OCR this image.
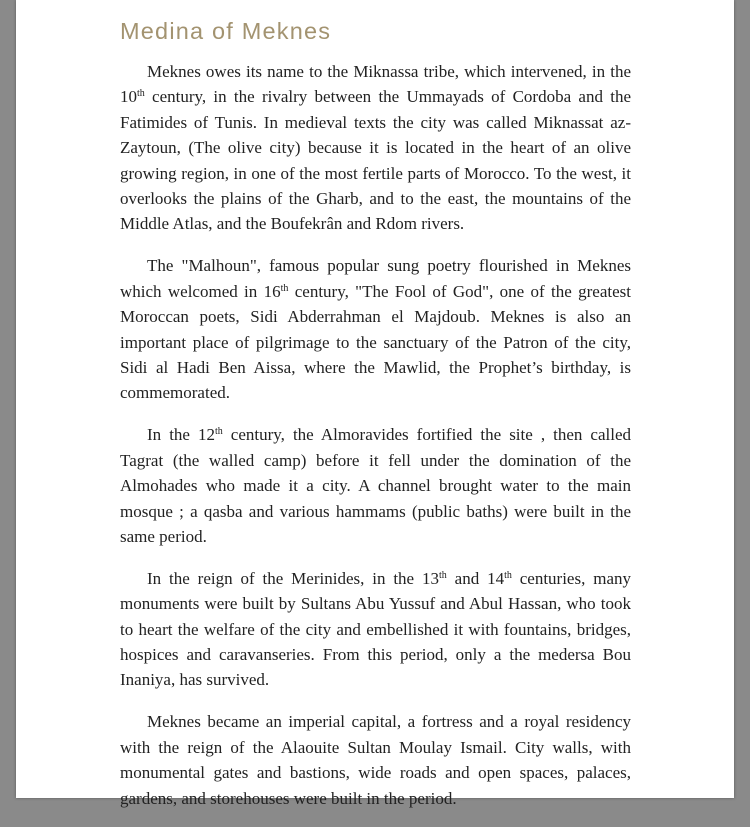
Medina of Meknes

Meknes owes its name to the Miknassa tribe, which intervened, in the 10th century, in the rivalry between the Ummayads of Cordoba and the Fatimides of Tunis. In medieval texts the city was called Miknassat az-Zaytoun, (The olive city) because it is located in the heart of an olive growing region, in one of the most fertile parts of Morocco. To the west, it overlooks the plains of the Gharb, and to the east, the mountains of the Middle Atlas, and the Boufekrân and Rdom rivers.

The "Malhoun", famous popular sung poetry flourished in Meknes which welcomed in 16th century, "The Fool of God", one of the greatest Moroccan poets, Sidi Abderrahman el Majdoub. Meknes is also an important place of pilgrimage to the sanctuary of the Patron of the city, Sidi al Hadi Ben Aissa, where the Mawlid, the Prophet’s birthday, is commemorated.

In the 12th century, the Almoravides fortified the site , then called Tagrat (the walled camp) before it fell under the domination of the Almohades who made it a city. A channel brought water to the main mosque ; a qasba and various hammams (public baths) were built in the same period.

In the reign of the Merinides, in the 13th and 14th centuries, many monuments were built by Sultans Abu Yussuf and Abul Hassan, who took to heart the welfare of the city and embellished it with fountains, bridges, hospices and caravanseries. From this period, only a the medersa Bou Inaniya, has survived.

Meknes became an imperial capital, a fortress and a royal residency with the reign of the Alaouite Sultan Moulay Ismail. City walls, with monumental gates and bastions, wide roads and open spaces, palaces, gardens, and storehouses were built in the period.
